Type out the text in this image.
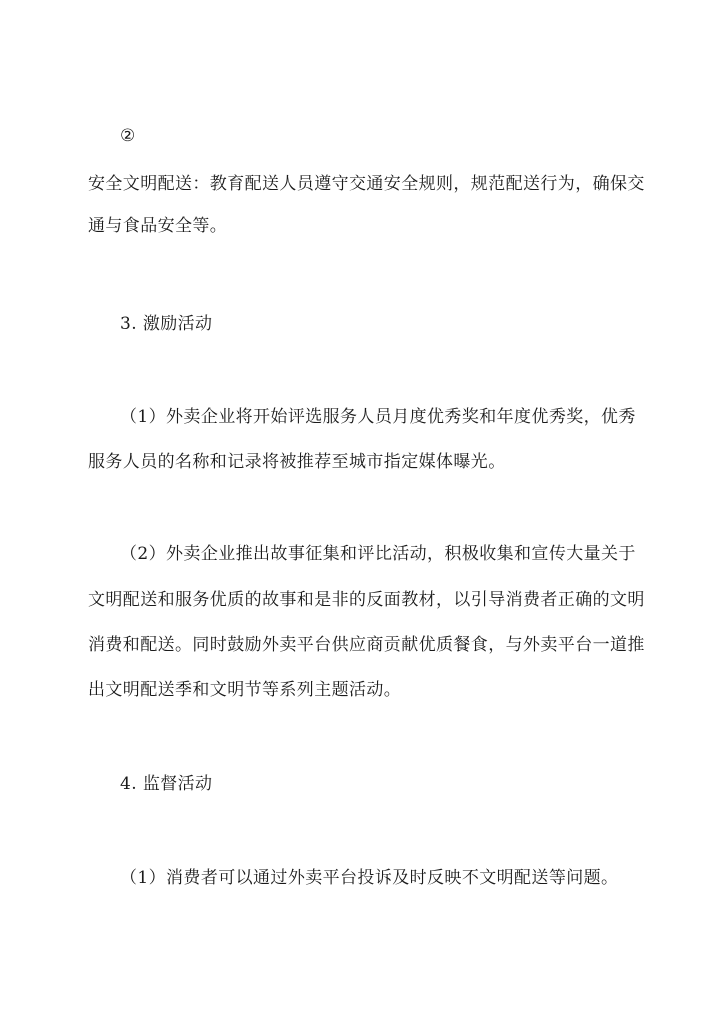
②
安全文明配送：教育配送人员遵守交通安全规则，规范配送行为，确保交
通与食品安全等。
3. 激励活动
（1）外卖企业将开始评选服务人员月度优秀奖和年度优秀奖，优秀
服务人员的名称和记录将被推荐至城市指定媒体曝光。
（2）外卖企业推出故事征集和评比活动，积极收集和宣传大量关于
文明配送和服务优质的故事和是非的反面教材，以引导消费者正确的文明
消费和配送。同时鼓励外卖平台供应商贡献优质餐食，与外卖平台一道推
出文明配送季和文明节等系列主题活动。
4. 监督活动
（1）消费者可以通过外卖平台投诉及时反映不文明配送等问题。
